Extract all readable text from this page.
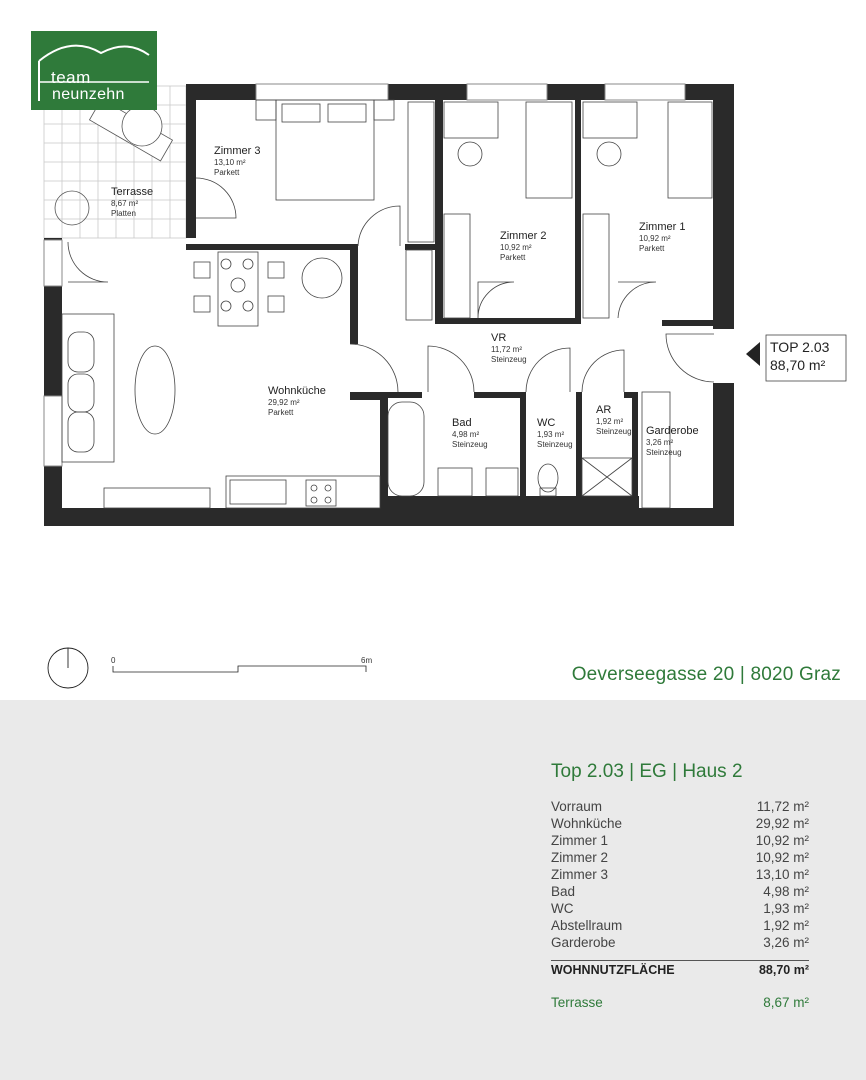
team
neunzehn
Terrasse
8,67 m²
Platten
Zimmer 3
13,10 m²
Parkett
Zimmer 2
10,92 m²
Parkett
Zimmer 1
10,92 m²
Parkett
VR
11,72 m²
Steinzeug
Wohnküche
29,92 m²
Parkett
Bad
4,98 m²
Steinzeug
WC
1,93 m²
Steinzeug
AR
1,92 m²
Steinzeug Garderobe
3,26 m²
Steinzeug
TOP 2.03
88,70 m²
0	6m
Oeverseegasse 20 | 8020 Graz
Top 2.03 | EG | Haus 2
Vorraum	11,72 m²
Wohnküche	29,92 m²
Zimmer 1	10,92 m²
Zimmer 2	10,92 m²
Zimmer 3	13,10 m²
Bad	4,98 m²
WC	1,93 m²
Abstellraum	1,92 m²
Garderobe	3,26 m²
WOHNNUTZFLÄCHE	88,70 m²
Terrasse	8,67 m²
